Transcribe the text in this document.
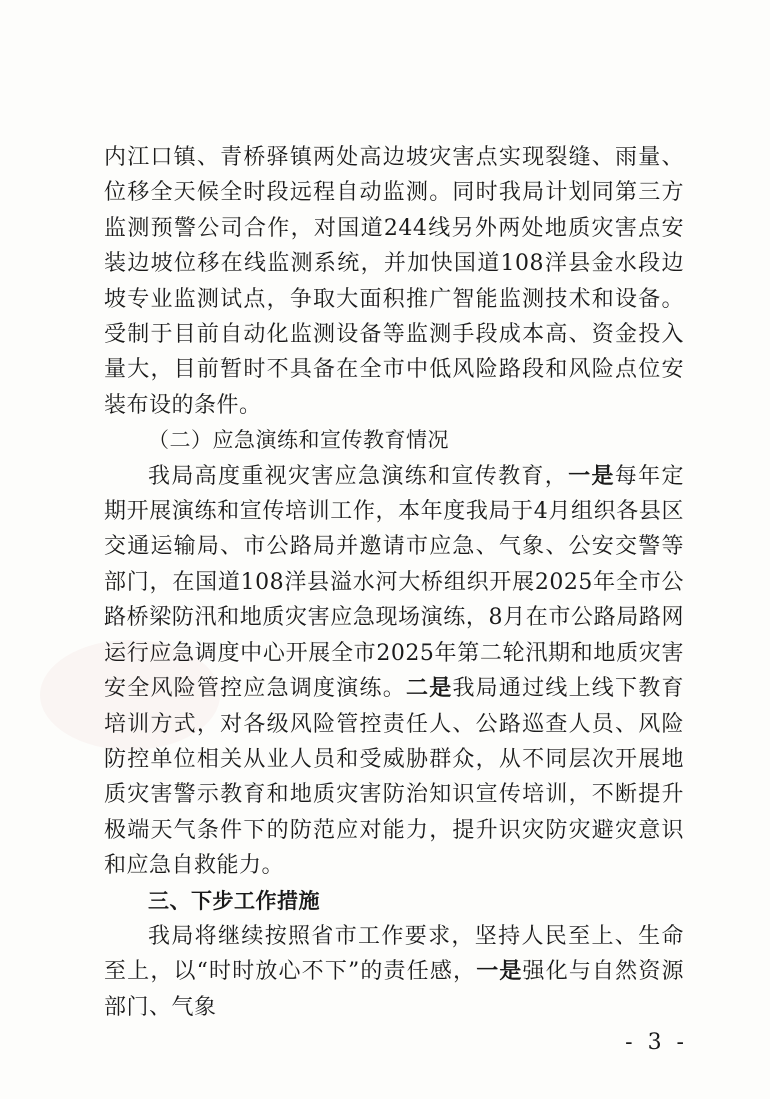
内江口镇、青桥驿镇两处高边坡灾害点实现裂缝、雨量、位移全天候全时段远程自动监测。同时我局计划同第三方监测预警公司合作，对国道244线另外两处地质灾害点安装边坡位移在线监测系统，并加快国道108洋县金水段边坡专业监测试点，争取大面积推广智能监测技术和设备。受制于目前自动化监测设备等监测手段成本高、资金投入量大，目前暂时不具备在全市中低风险路段和风险点位安装布设的条件。

（二）应急演练和宣传教育情况

我局高度重视灾害应急演练和宣传教育，一是每年定期开展演练和宣传培训工作，本年度我局于4月组织各县区交通运输局、市公路局并邀请市应急、气象、公安交警等部门，在国道108洋县溢水河大桥组织开展2025年全市公路桥梁防汛和地质灾害应急现场演练，8月在市公路局路网运行应急调度中心开展全市2025年第二轮汛期和地质灾害安全风险管控应急调度演练。二是我局通过线上线下教育培训方式，对各级风险管控责任人、公路巡查人员、风险防控单位相关从业人员和受威胁群众，从不同层次开展地质灾害警示教育和地质灾害防治知识宣传培训，不断提升极端天气条件下的防范应对能力，提升识灾防灾避灾意识和应急自救能力。

三、下步工作措施

我局将继续按照省市工作要求，坚持人民至上、生命至上，以“时时放心不下”的责任感，一是强化与自然资源部门、气象

- 3 -
